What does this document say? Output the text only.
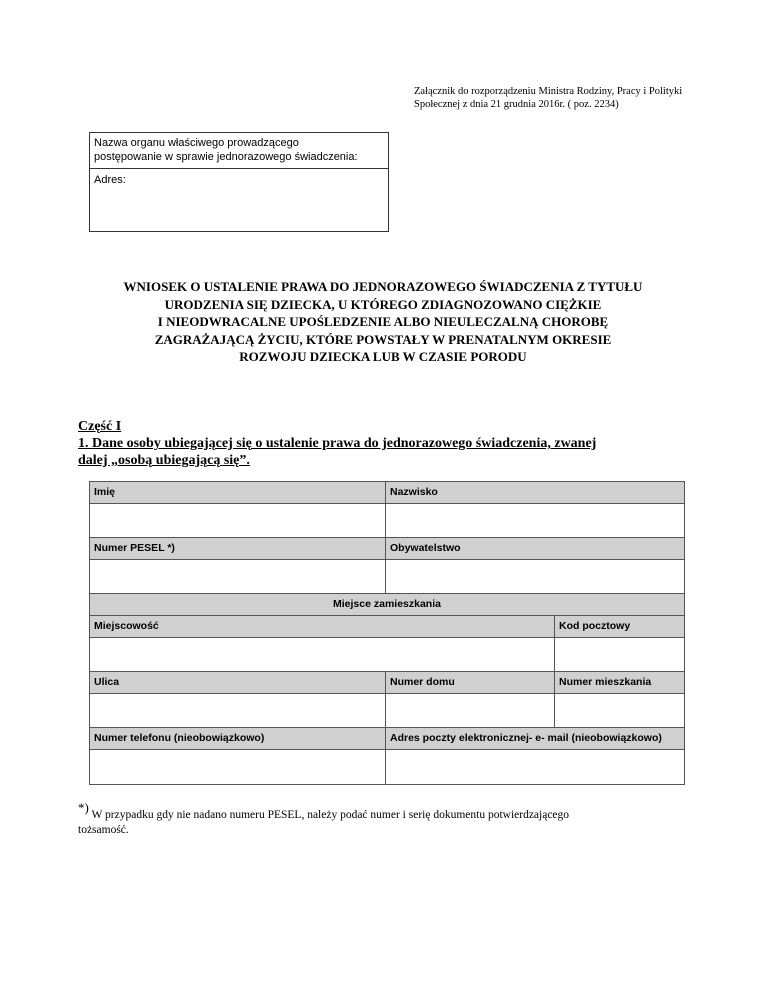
Załącznik do rozporządzeniu Ministra Rodziny, Pracy i Polityki
Społecznej z dnia 21 grudnia 2016r. ( poz. 2234)
Nazwa organu właściwego prowadzącego
postępowanie w sprawie jednorazowego świadczenia:
Adres:
WNIOSEK O USTALENIE PRAWA DO JEDNORAZOWEGO ŚWIADCZENIA Z TYTUŁU
URODZENIA SIĘ DZIECKA, U KTÓREGO ZDIAGNOZOWANO CIĘŻKIE
I NIEODWRACALNE UPOŚLEDZENIE ALBO NIEULECZALNĄ CHOROBĘ
ZAGRAŻAJĄCĄ ŻYCIU, KTÓRE POWSTAŁY W PRENATALNYM OKRESIE
ROZWOJU DZIECKA LUB W CZASIE PORODU
Część I
1. Dane osoby ubiegającej się o ustalenie prawa do jednorazowego świadczenia, zwanej
dalej „osobą ubiegającą się”.
Imię	Nazwisko
Numer PESEL *)	Obywatelstwo
Miejsce zamieszkania
Miejscowość	Kod pocztowy
Ulica	Numer domu	Numer mieszkania
Numer telefonu (nieobowiązkowo)	Adres poczty elektronicznej- e- mail (nieobowiązkowo)
*) W przypadku gdy nie nadano numeru PESEL, należy podać numer i serię dokumentu potwierdzającego
tożsamość.
